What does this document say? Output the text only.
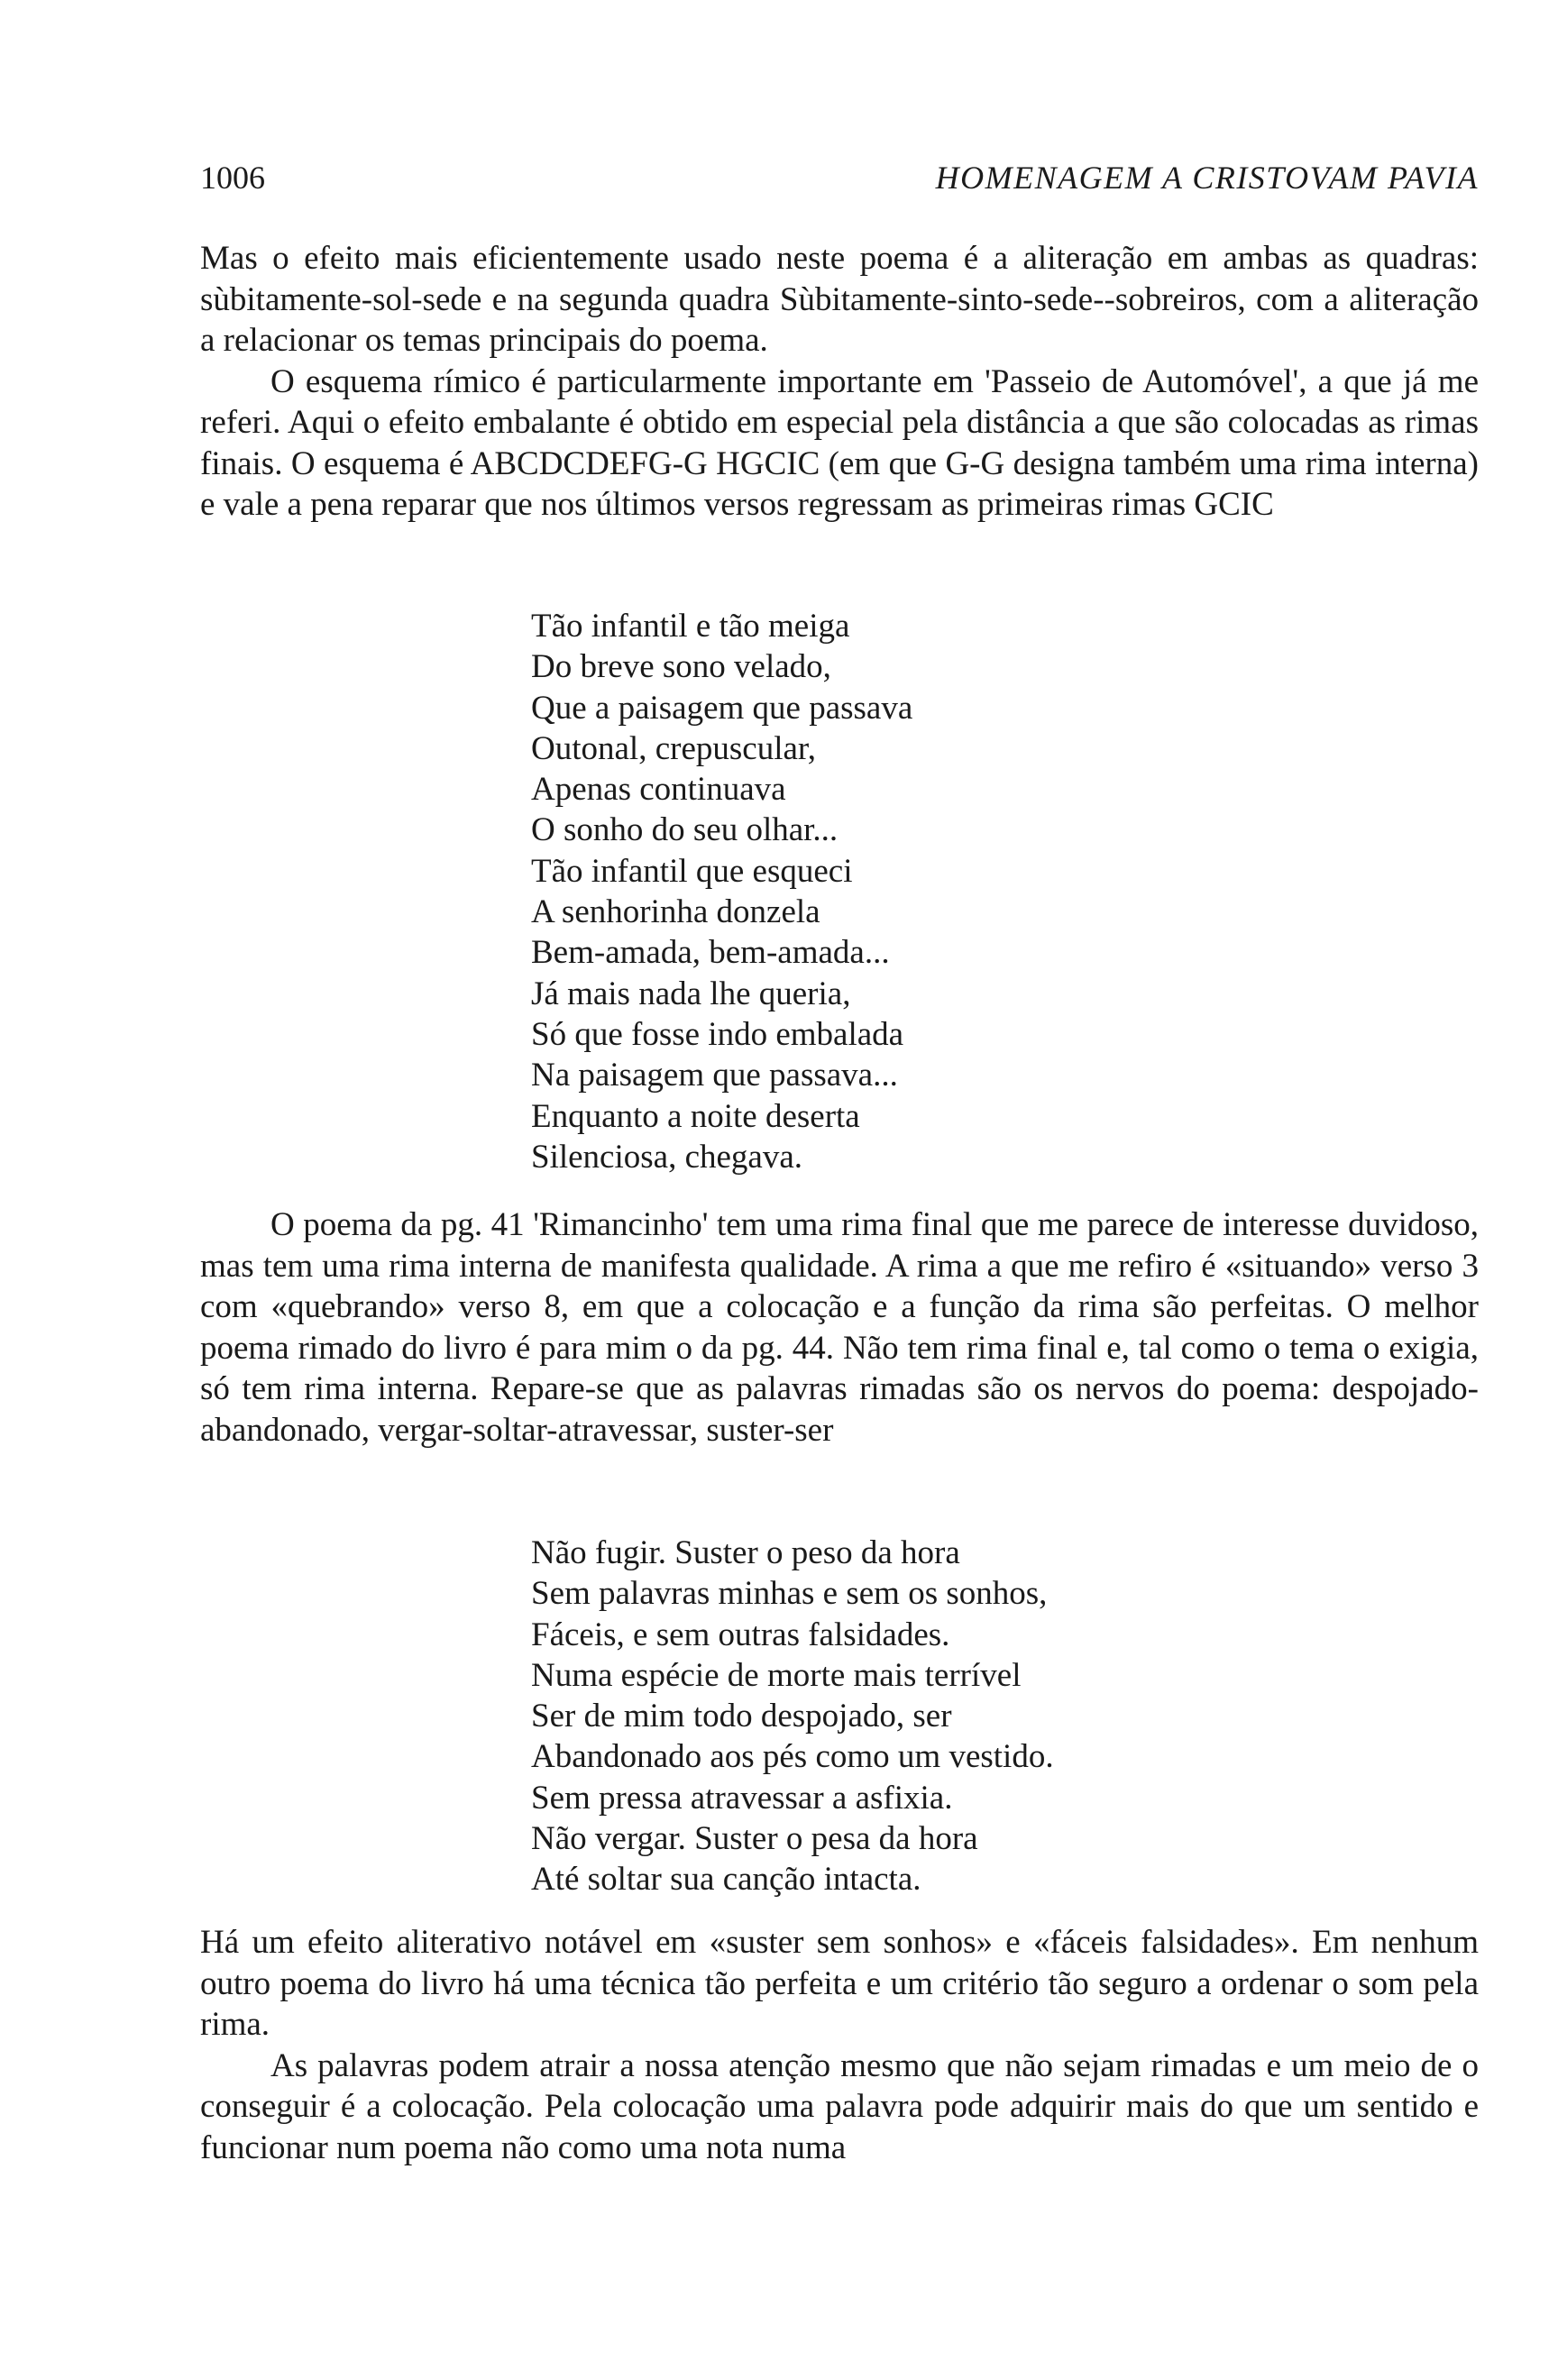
1006	HOMENAGEM A CRISTOVAM PAVIA

Mas o efeito mais eficientemente usado neste poema é a aliteração em ambas as quadras: sùbitamente-sol-sede e na segunda quadra Sùbitamente-sinto-sede--sobreiros, com a aliteração a relacionar os temas principais do poema.

O esquema rímico é particularmente importante em 'Passeio de Automóvel', a que já me referi. Aqui o efeito embalante é obtido em especial pela distância a que são colocadas as rimas finais. O esquema é ABCDCDEFG-G HGCIC (em que G-G designa também uma rima interna) e vale a pena reparar que nos últimos versos regressam as primeiras rimas GCIC

Tão infantil e tão meiga
Do breve sono velado,
Que a paisagem que passava
Outonal, crepuscular,
Apenas continuava
O sonho do seu olhar...
Tão infantil que esqueci
A senhorinha donzela
Bem-amada, bem-amada...
Já mais nada lhe queria,
Só que fosse indo embalada
Na paisagem que passava...
Enquanto a noite deserta
Silenciosa, chegava.

O poema da pg. 41 'Rimancinho' tem uma rima final que me parece de interesse duvidoso, mas tem uma rima interna de manifesta qualidade. A rima a que me refiro é «situando» verso 3 com «quebrando» verso 8, em que a colocação e a função da rima são perfeitas. O melhor poema rimado do livro é para mim o da pg. 44. Não tem rima final e, tal como o tema o exigia, só tem rima interna. Repare-se que as palavras rimadas são os nervos do poema: despojado-abandonado, vergar-soltar-atravessar, suster-ser

Não fugir. Suster o peso da hora
Sem palavras minhas e sem os sonhos,
Fáceis, e sem outras falsidades.
Numa espécie de morte mais terrível
Ser de mim todo despojado, ser
Abandonado aos pés como um vestido.
Sem pressa atravessar a asfixia.
Não vergar. Suster o pesa da hora
Até soltar sua canção intacta.

Há um efeito aliterativo notável em «suster sem sonhos» e «fáceis falsidades». Em nenhum outro poema do livro há uma técnica tão perfeita e um critério tão seguro a ordenar o som pela rima.

As palavras podem atrair a nossa atenção mesmo que não sejam rimadas e um meio de o conseguir é a colocação. Pela colocação uma palavra pode adquirir mais do que um sentido e funcionar num poema não como uma nota numa
